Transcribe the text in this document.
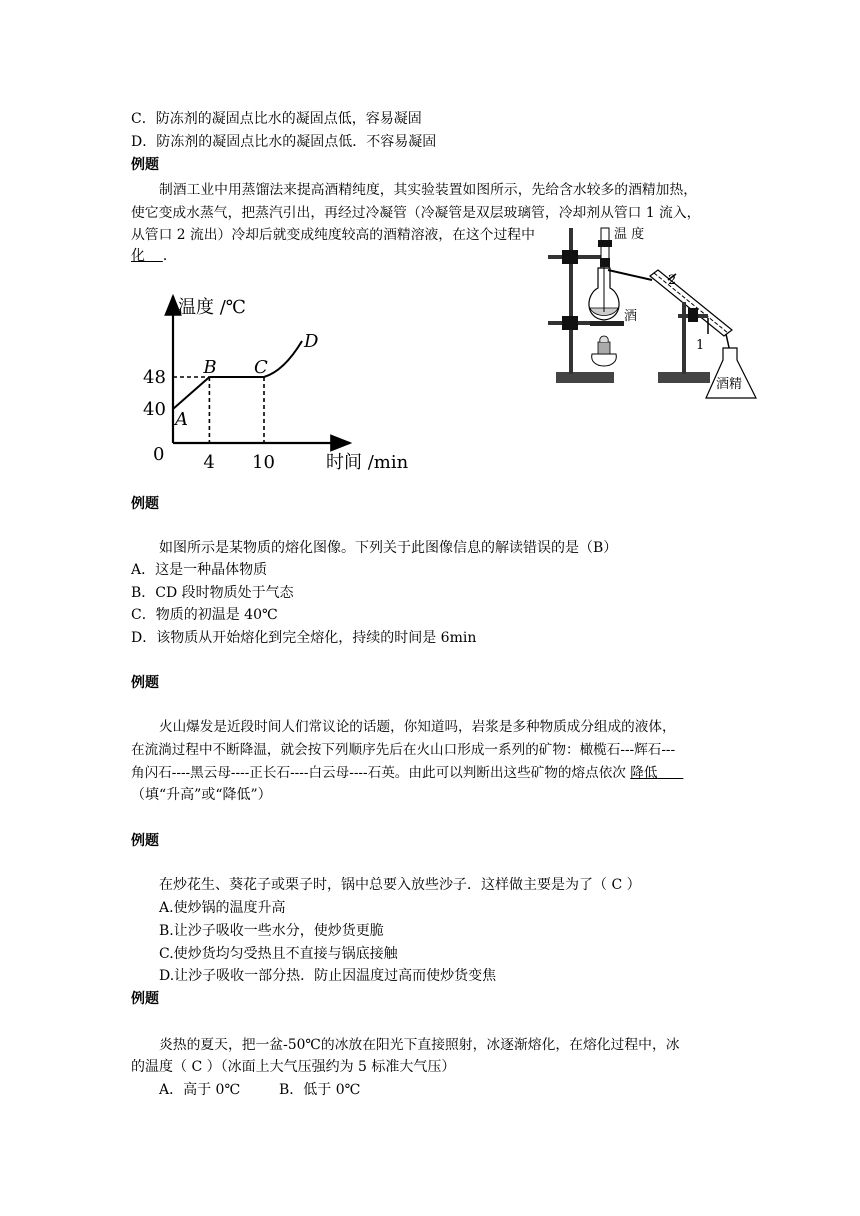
C．防冻剂的凝固点比水的凝固点低，容易凝固
D．防冻剂的凝固点比水的凝固点低．不容易凝固
例题
制酒工业中用蒸馏法来提高酒精纯度，其实验装置如图所示，先给含水较多的酒精加热，
使它变成水蒸气，把蒸汽引出，再经过冷凝管（冷凝管是双层玻璃管，冷却剂从管口 1 流入，
从管口 2 流出）冷却后就变成纯度较高的酒精溶液，在这个过程中
化 ．
温 度
酒
酒精
2
1
温度 /℃
时间 /min
0
48
40
4 10
A
B C
D
例题
如图所示是某物质的熔化图像。下列关于此图像信息的解读错误的是（B）
A．这是一种晶体物质
B．CD 段时物质处于气态
C．物质的初温是 40℃
D．该物质从开始熔化到完全熔化，持续的时间是 6min
例题
火山爆发是近段时间人们常议论的话题，你知道吗，岩浆是多种物质成分组成的液体，
在流淌过程中不断降温，就会按下列顺序先后在火山口形成一系列的矿物：橄榄石---辉石---
角闪石----黑云母----正长石----白云母----石英。由此可以判断出这些矿物的熔点依次 降低
（填“升高”或“降低”）
例题
在炒花生、葵花子或栗子时，锅中总要入放些沙子．这样做主要是为了（ C ）
A.使炒锅的温度升高
B.让沙子吸收一些水分，使炒货更脆
C.使炒货均匀受热且不直接与锅底接触
D.让沙子吸收一部分热．防止因温度过高而使炒货变焦
例题
炎热的夏天，把一盆-50℃的冰放在阳光下直接照射，冰逐渐熔化，在熔化过程中，冰
的温度（ C ）（冰面上大气压强约为 5 标准大气压）
A．高于 0℃	B．低于 0℃
